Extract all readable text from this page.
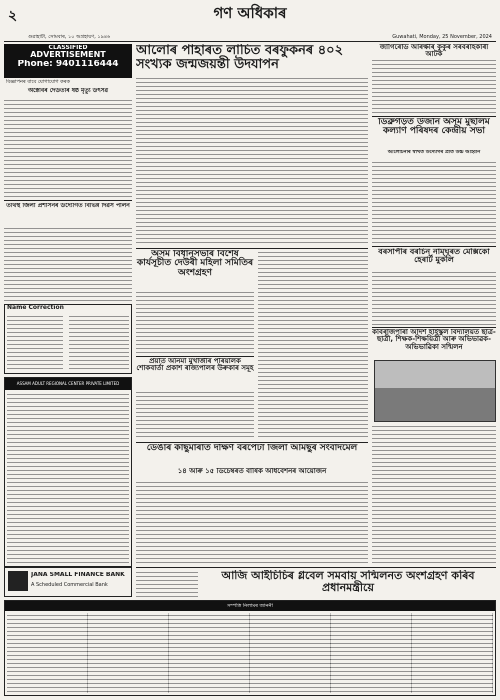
২	গণ অধিকাৰ
গুৱাহাটী, সোমবাৰ, ১০ অগ্ৰহায়ণ, ১৯৪৬	Guwahati, Monday, 25 November, 2024
CLASSIFIED
ADVERTISEMENT
Phone: 9401116444
বিজ্ঞাপনৰ বাবে যোগাযোগ কৰক
অক্টোবৰ দেউতাৰ ষষ্ঠ মৃত্যু উৎসৱ
তীৰ্থস্থ জিলা প্ৰশাসনৰ উদ্যোগত বিভিন্ন দিৱস পালন
Name Correction
ASSAM ADULT REGIONAL CENTER PRIVATE LIMITED
JANA SMALL FINANCE BANK
A Scheduled Commercial Bank
আলোৰ পাহাৰত লাচিত বৰফুকনৰ ৪০২ সংখ্যক জন্মজয়ন্তী উদযাপন
অসম বিধানসভাৰ বিশেষ কাৰ্যসূচীত দেউৰী মহিলা সমিতিৰ অংশগ্ৰহণ
প্ৰয়াত অনিমা মুখাৰ্জীৰ পৰিয়ালক শোকবাৰ্তা প্ৰকাশ ৰাজ্যপালৰ উৰুকাৰ সমূহ
ডেঙাৰ কাছুমাৰাত দক্ষিণ বৰপেটা জিলা আমছুৰ সংবাদমেল
১৪ আৰু ১৫ ডিচেম্বৰত বাৰ্ষিক অধিবেশনৰ আয়োজন
জাগিৰোড আৰক্ষীৰ কুকুৰ সৰবৰাহকাৰী আটক
ডিব্ৰুগড়ত উজনি অসম মুছলিম কল্যাণ পৰিষদৰ কেন্দ্ৰীয় সভা
আলোচনাৰ স্বাৰ্থত উদ্যোগৰ প্ৰতি উচ্চ আহ্বান
বৰসাপীৰ বৰচিন নাম্ঘৰত মেক্সিকো হেৰাৰ্ট মুকলি
কবিৰাজপাৰা আদৰ্শ হাইস্কুল বিদ্যালয়ত ছাত্ৰ-ছাত্ৰী, শিক্ষক-শিক্ষয়িত্ৰী আৰু অভিভাৱক-অভিভাৱিকা সন্মিলন
আজি আইচিচিৰ গ্লবেল সমবায় সন্মিলনত অংশগ্ৰহণ কৰিব প্ৰধানমন্ত্ৰীয়ে
সম্পত্তি নিলামৰ জাননী
